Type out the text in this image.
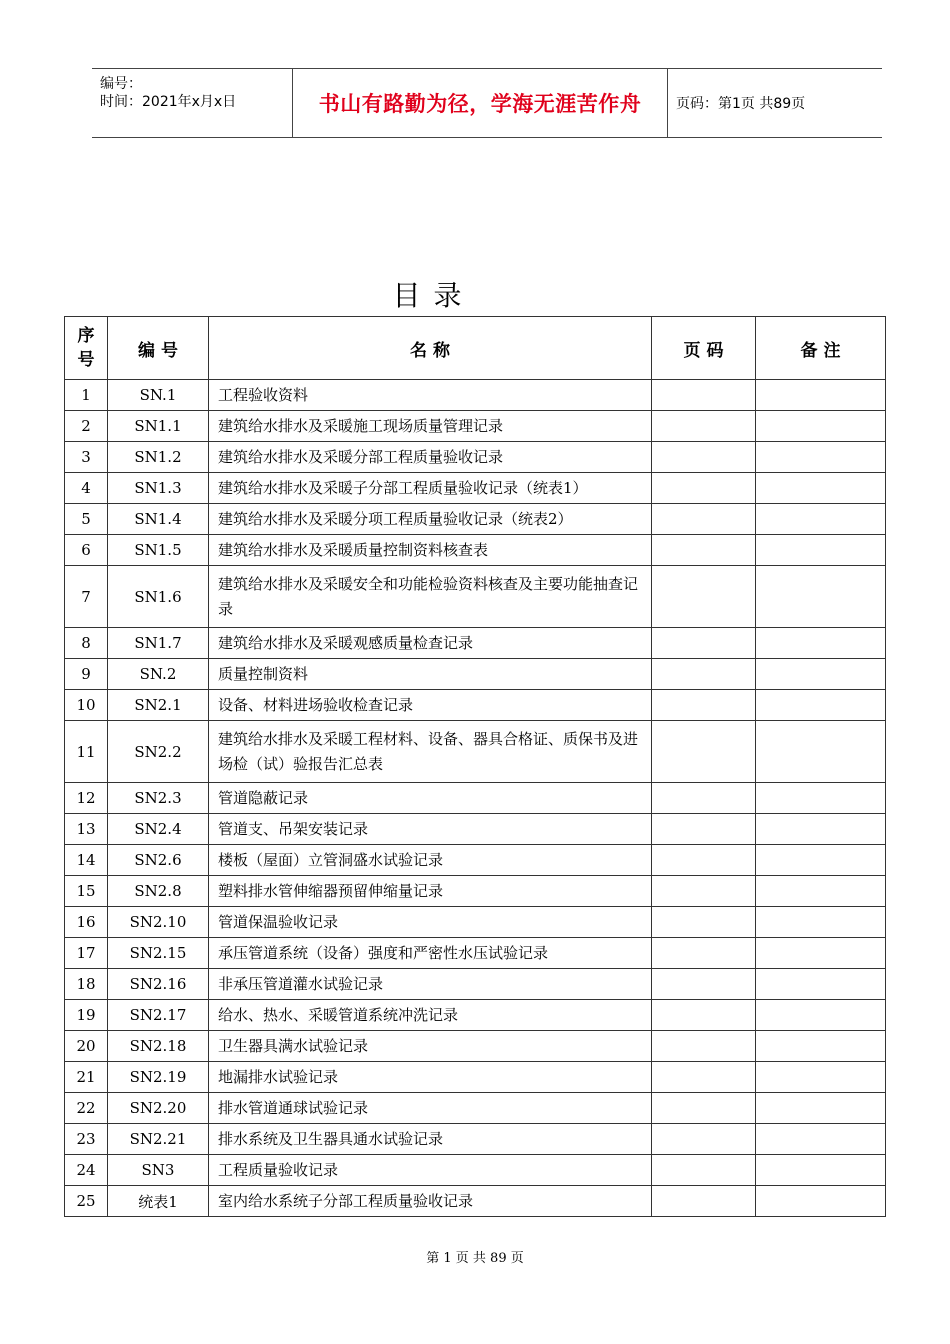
编号：
时间：2021年x月x日	书山有路勤为径，学海无涯苦作舟	页码：第1页 共89页
目 录
序号	编 号	名 称	页 码	备 注
1	SN.1	工程验收资料		
2	SN1.1	建筑给水排水及采暖施工现场质量管理记录		
3	SN1.2	建筑给水排水及采暖分部工程质量验收记录		
4	SN1.3	建筑给水排水及采暖子分部工程质量验收记录（统表1）		
5	SN1.4	建筑给水排水及采暖分项工程质量验收记录（统表2）		
6	SN1.5	建筑给水排水及采暖质量控制资料核查表		
7	SN1.6	建筑给水排水及采暖安全和功能检验资料核查及主要功能抽查记录		
8	SN1.7	建筑给水排水及采暖观感质量检查记录		
9	SN.2	质量控制资料		
10	SN2.1	设备、材料进场验收检查记录		
11	SN2.2	建筑给水排水及采暖工程材料、设备、器具合格证、质保书及进场检（试）验报告汇总表		
12	SN2.3	管道隐蔽记录		
13	SN2.4	管道支、吊架安装记录		
14	SN2.6	楼板（屋面）立管洞盛水试验记录		
15	SN2.8	塑料排水管伸缩器预留伸缩量记录		
16	SN2.10	管道保温验收记录		
17	SN2.15	承压管道系统（设备）强度和严密性水压试验记录		
18	SN2.16	非承压管道灌水试验记录		
19	SN2.17	给水、热水、采暖管道系统冲洗记录		
20	SN2.18	卫生器具满水试验记录		
21	SN2.19	地漏排水试验记录		
22	SN2.20	排水管道通球试验记录		
23	SN2.21	排水系统及卫生器具通水试验记录		
24	SN3	工程质量验收记录		
25	统表1	室内给水系统子分部工程质量验收记录		
第 1 页 共 89 页
